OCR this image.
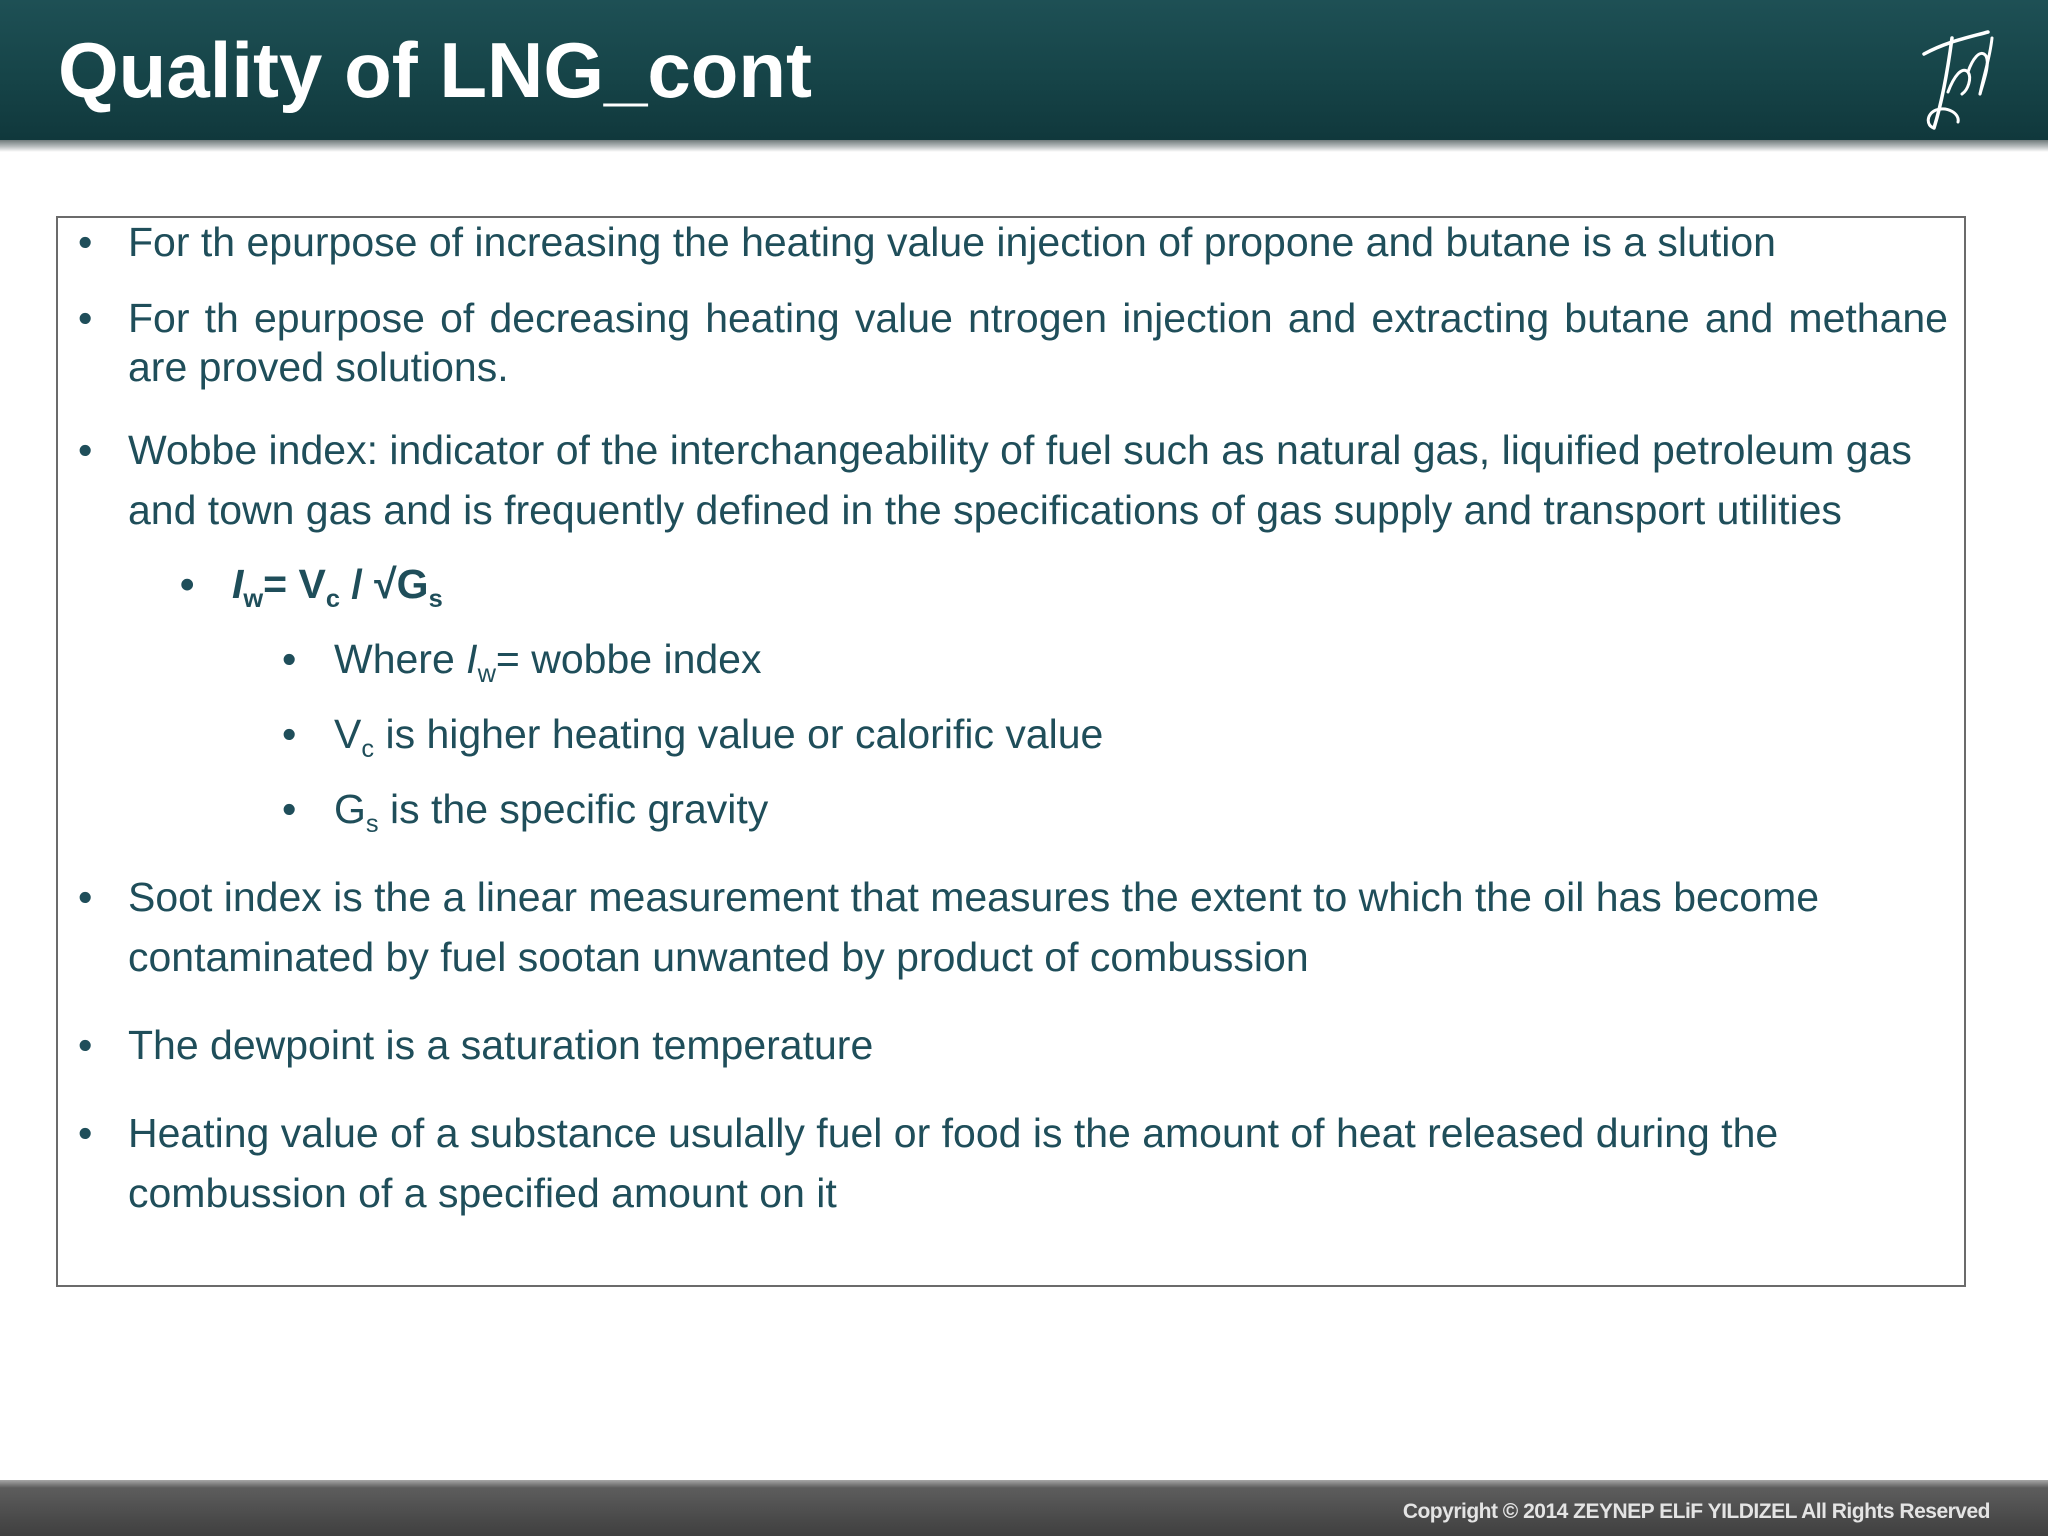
Quality of LNG_cont
• For th epurpose of increasing the heating value injection of propone and butane is a slution
• For th epurpose of decreasing heating value ntrogen injection and extracting butane and methane are proved solutions.
• Wobbe index: indicator of the interchangeability of fuel such as natural gas, liquified petroleum gas and town gas and is frequently defined in the specifications of gas supply and transport utilities
• $I_w= V_c / √G_s$
• Where $I_w=$ wobbe index
• $V_c$ is higher heating value or calorific value
• $G_s$ is the specific gravity
• Soot index is the a linear measurement that measures the extent to which the oil has become contaminated by fuel sootan unwanted by product of combussion
• The dewpoint is a saturation temperature
• Heating value of a substance usulally fuel or food is the amount of heat released during the combussion of a specified amount on it
Copyright © 2014 ZEYNEP ELiF YILDIZEL All Rights Reserved
